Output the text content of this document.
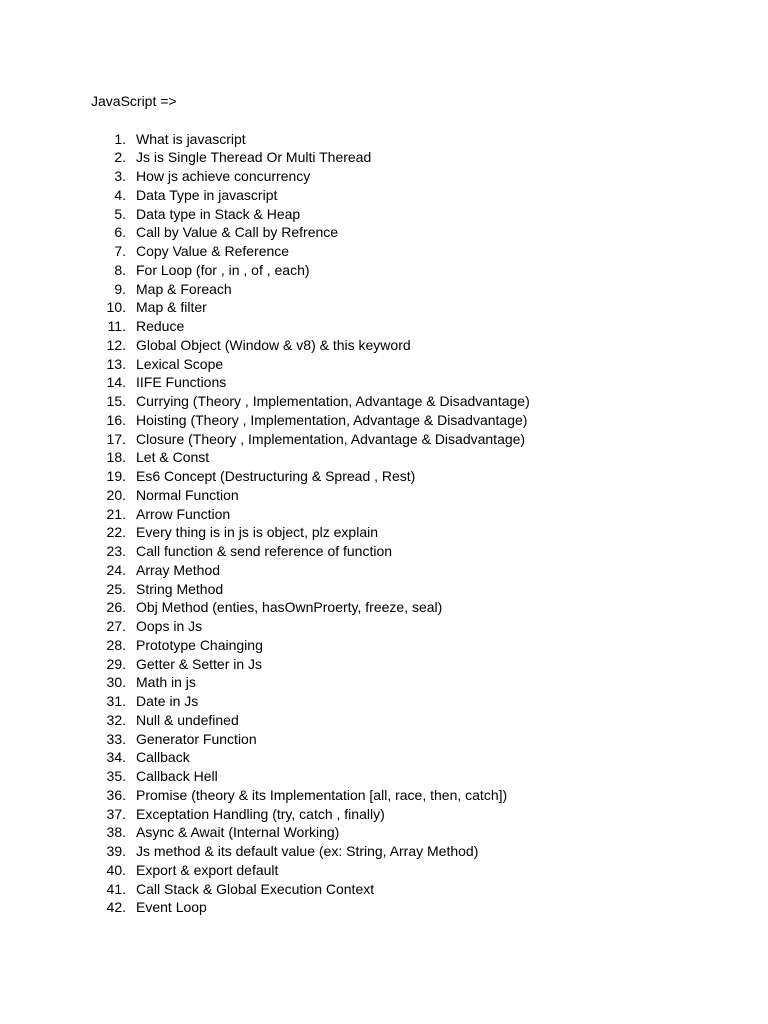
JavaScript =>
1. What is javascript
2. Js is Single Theread Or Multi Theread
3. How js achieve concurrency
4. Data Type in javascript
5. Data type in Stack & Heap
6. Call by Value & Call by Refrence
7. Copy Value & Reference
8. For Loop (for , in , of , each)
9. Map & Foreach
10. Map & filter
11. Reduce
12. Global Object (Window & v8) & this keyword
13. Lexical Scope
14. IIFE Functions
15. Currying (Theory , Implementation, Advantage & Disadvantage)
16. Hoisting (Theory , Implementation, Advantage & Disadvantage)
17. Closure (Theory , Implementation, Advantage & Disadvantage)
18. Let & Const
19. Es6 Concept (Destructuring & Spread , Rest)
20. Normal Function
21. Arrow Function
22. Every thing is in js is object, plz explain
23. Call function & send reference of function
24. Array Method
25. String Method
26. Obj Method (enties, hasOwnProerty, freeze, seal)
27. Oops in Js
28. Prototype Chainging
29. Getter & Setter in Js
30. Math in js
31. Date in Js
32. Null & undefined
33. Generator Function
34. Callback
35. Callback Hell
36. Promise (theory & its Implementation [all, race, then, catch])
37. Exceptation Handling (try, catch , finally)
38. Async & Await (Internal Working)
39. Js method & its default value (ex: String, Array Method)
40. Export & export default
41. Call Stack & Global Execution Context
42. Event Loop
